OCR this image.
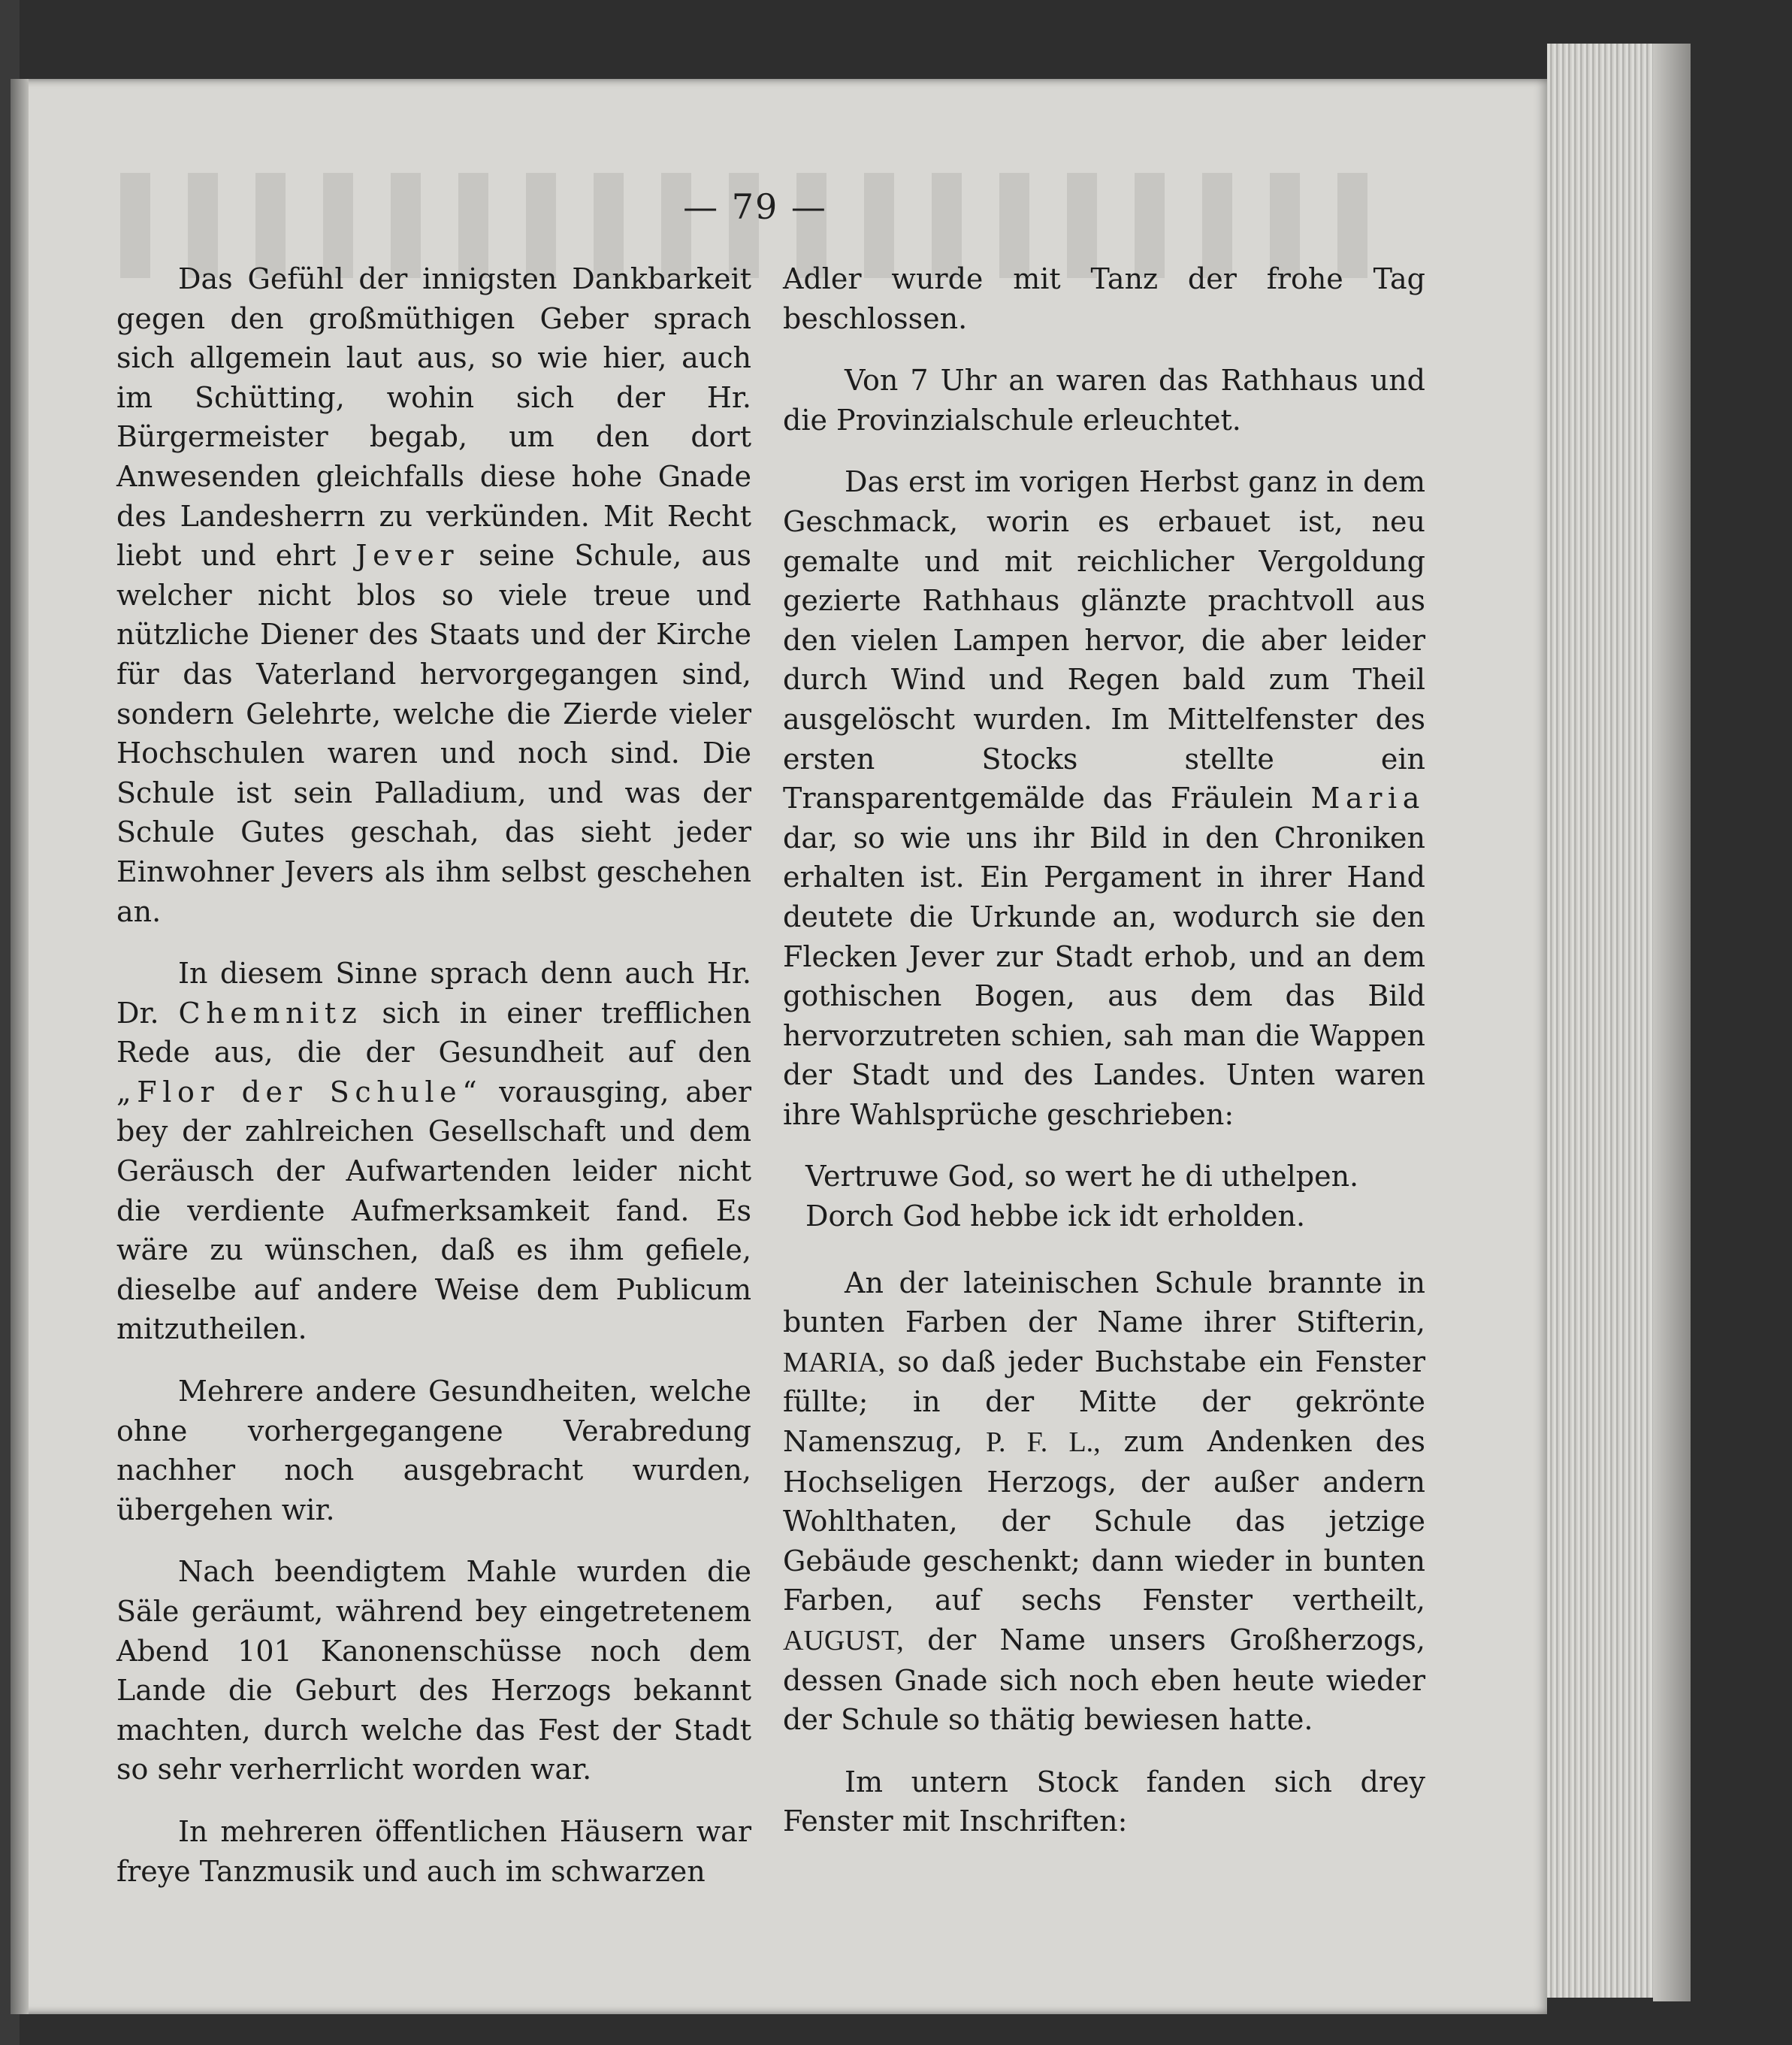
— 79 —

Das Gefühl der innigsten Dankbarkeit gegen den großmüthigen Geber sprach sich allgemein laut aus, so wie hier, auch im Schütting, wohin sich der Hr. Bürgermeister begab, um den dort Anwesenden gleichfalls diese hohe Gnade des Landesherrn zu verkünden. Mit Recht liebt und ehrt Jever seine Schule, aus welcher nicht blos so viele treue und nützliche Diener des Staats und der Kirche für das Vaterland hervorgegangen sind, sondern Gelehrte, welche die Zierde vieler Hochschulen waren und noch sind. Die Schule ist sein Palladium, und was der Schule Gutes geschah, das sieht jeder Einwohner Jevers als ihm selbst geschehen an.

In diesem Sinne sprach denn auch Hr. Dr. Chemnitz sich in einer trefflichen Rede aus, die der Gesundheit auf den „Flor der Schule“ vorausging, aber bey der zahlreichen Gesellschaft und dem Geräusch der Aufwartenden leider nicht die verdiente Aufmerksamkeit fand. Es wäre zu wünschen, daß es ihm gefiele, dieselbe auf andere Weise dem Publicum mitzutheilen.

Mehrere andere Gesundheiten, welche ohne vorhergegangene Verabredung nachher noch ausgebracht wurden, übergehen wir.

Nach beendigtem Mahle wurden die Säle geräumt, während bey eingetretenem Abend 101 Kanonenschüsse noch dem Lande die Geburt des Herzogs bekannt machten, durch welche das Fest der Stadt so sehr verherrlicht worden war.

In mehreren öffentlichen Häusern war freye Tanzmusik und auch im schwarzen

Adler wurde mit Tanz der frohe Tag beschlossen.

Von 7 Uhr an waren das Rathhaus und die Provinzialschule erleuchtet.

Das erst im vorigen Herbst ganz in dem Geschmack, worin es erbauet ist, neu gemalte und mit reichlicher Vergoldung gezierte Rathhaus glänzte prachtvoll aus den vielen Lampen hervor, die aber leider durch Wind und Regen bald zum Theil ausgelöscht wurden. Im Mittelfenster des ersten Stocks stellte ein Transparentgemälde das Fräulein Maria dar, so wie uns ihr Bild in den Chroniken erhalten ist. Ein Pergament in ihrer Hand deutete die Urkunde an, wodurch sie den Flecken Jever zur Stadt erhob, und an dem gothischen Bogen, aus dem das Bild hervorzutreten schien, sah man die Wappen der Stadt und des Landes. Unten waren ihre Wahlsprüche geschrieben:

Vertruwe God, so wert he di uthelpen.
Dorch God hebbe ick idt erholden.

An der lateinischen Schule brannte in bunten Farben der Name ihrer Stifterin, MARIA, so daß jeder Buchstabe ein Fenster füllte; in der Mitte der gekrönte Namenszug, P. F. L., zum Andenken des Hochseligen Herzogs, der außer andern Wohlthaten, der Schule das jetzige Gebäude geschenkt; dann wieder in bunten Farben, auf sechs Fenster vertheilt, AUGUST, der Name unsers Großherzogs, dessen Gnade sich noch eben heute wieder der Schule so thätig bewiesen hatte.

Im untern Stock fanden sich drey Fenster mit Inschriften:
